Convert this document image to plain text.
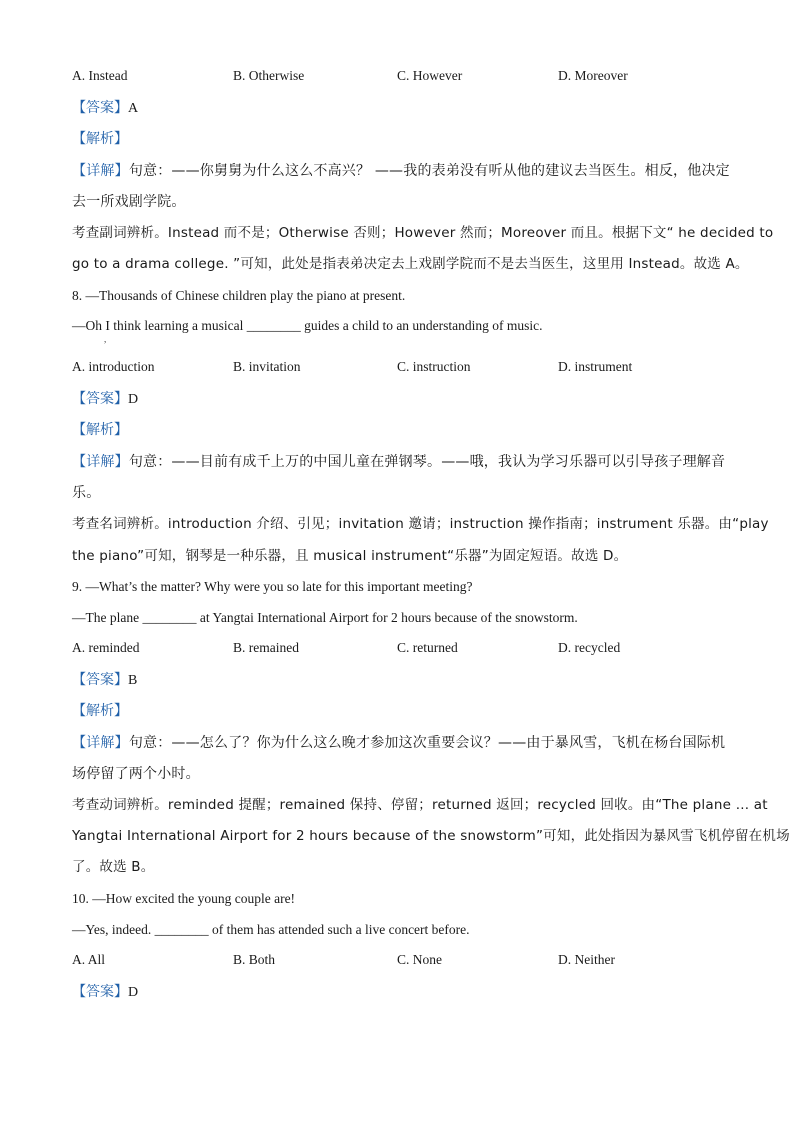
A. Instead	B. Otherwise	C. However	D. Moreover
【答案】A
【解析】
【详解】句意：——你舅舅为什么这么不高兴？ ——我的表弟没有听从他的建议去当医生。相反，他决定
去一所戏剧学院。
考查副词辨析。Instead 而不是；Otherwise 否则；However 然而；Moreover 而且。根据下文“ he decided to
go to a drama college. ”可知，此处是指表弟决定去上戏剧学院而不是去当医生，这里用 Instead。故选 A。
8. —Thousands of Chinese children play the piano at present.
—Oh I think learning a musical ________ guides a child to an understanding of music.
,
A. introduction	B. invitation	C. instruction	D. instrument
【答案】D
【解析】
【详解】句意：——目前有成千上万的中国儿童在弹钢琴。——哦，我认为学习乐器可以引导孩子理解音
乐。
考查名词辨析。introduction 介绍、引见；invitation 邀请；instruction 操作指南；instrument 乐器。由“play
the piano”可知，钢琴是一种乐器，且 musical instrument“乐器”为固定短语。故选 D。
9. —What’s the matter? Why were you so late for this important meeting?
—The plane ________ at Yangtai International Airport for 2 hours because of the snowstorm.
A. reminded	B. remained	C. returned	D. recycled
【答案】B
【解析】
【详解】句意：——怎么了？你为什么这么晚才参加这次重要会议？——由于暴风雪，飞机在杨台国际机
场停留了两个小时。
考查动词辨析。reminded 提醒；remained 保持、停留；returned 返回；recycled 回收。由“The plane … at
Yangtai International Airport for 2 hours because of the snowstorm”可知，此处指因为暴风雪飞机停留在机场
了。故选 B。
10. —How excited the young couple are!
—Yes, indeed. ________ of them has attended such a live concert before.
A. All	B. Both	C. None	D. Neither
【答案】D
